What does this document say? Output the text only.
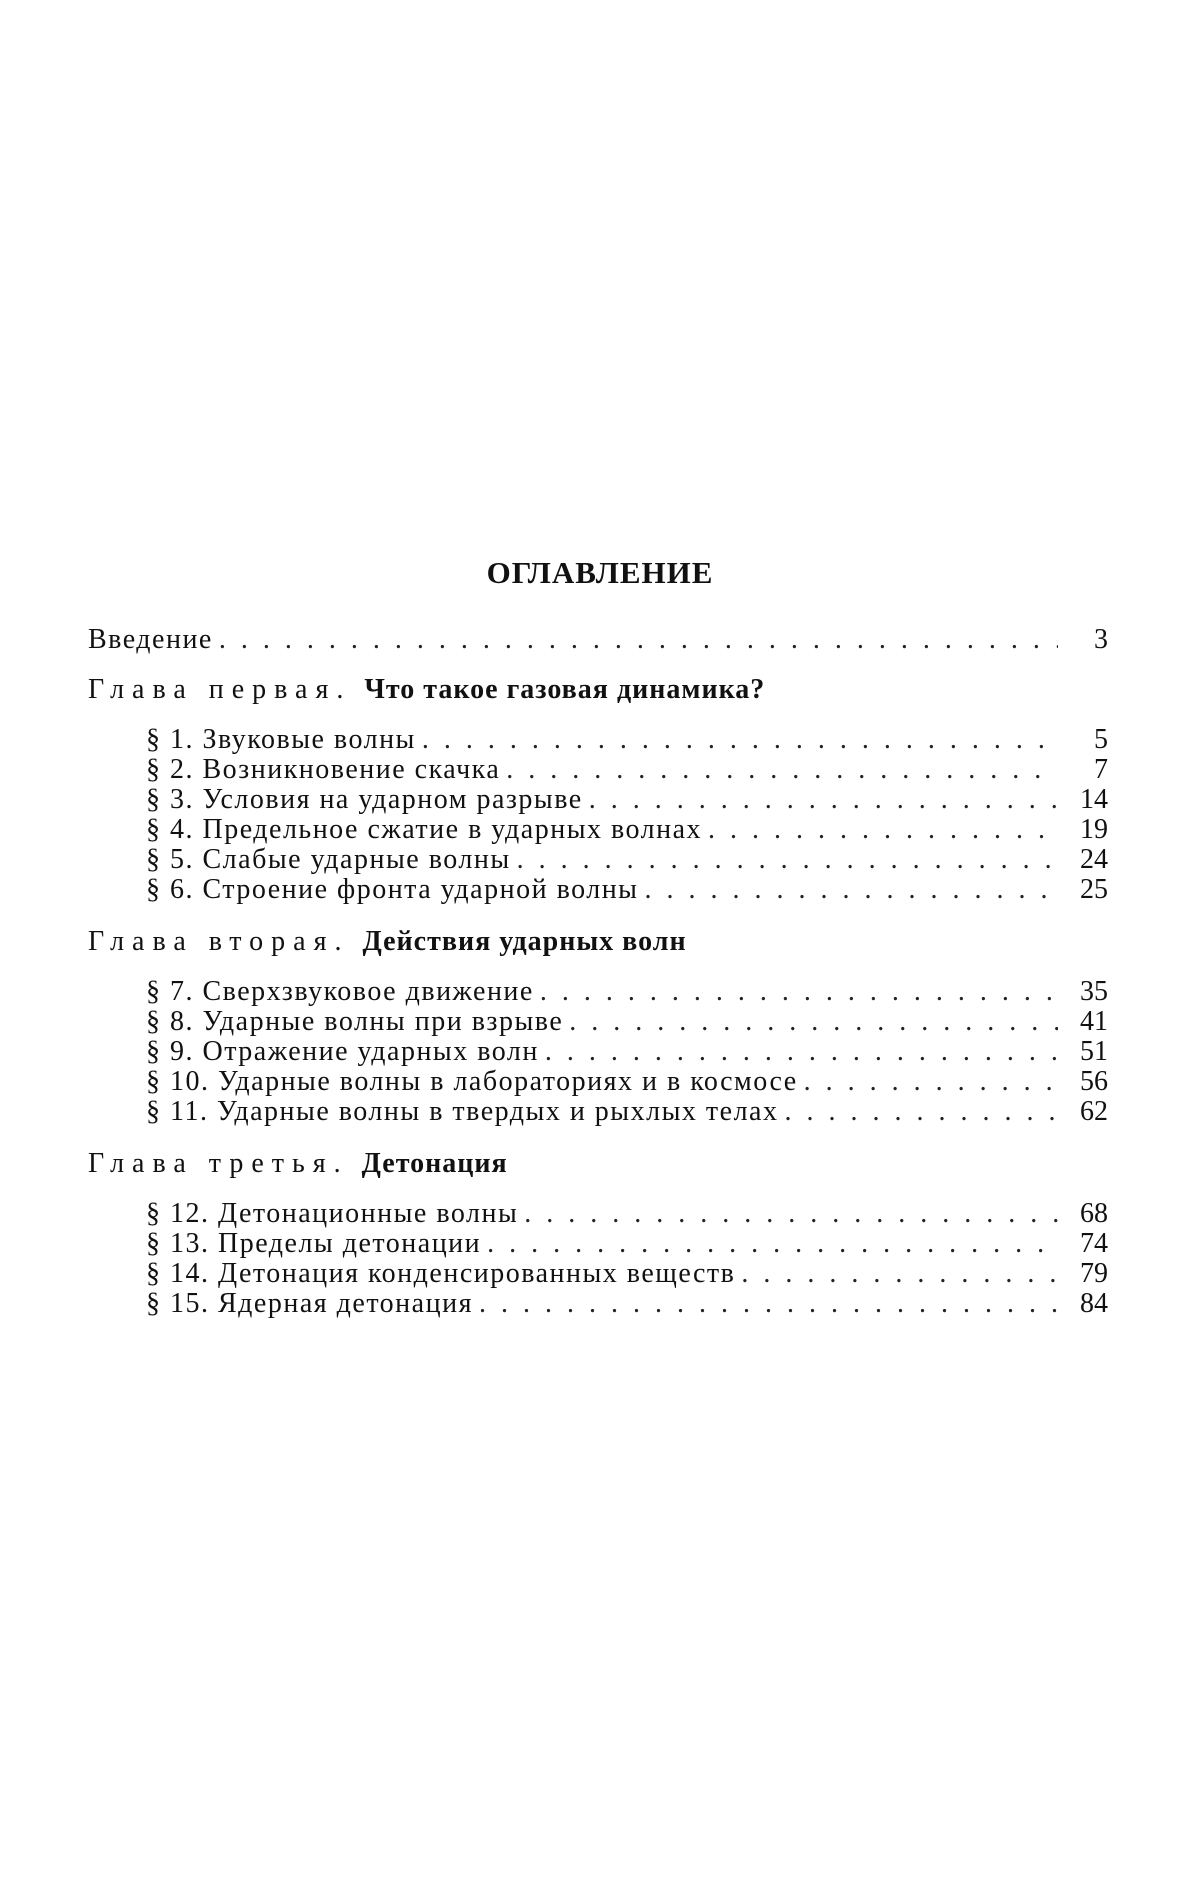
ОГЛАВЛЕНИЕ
Введение . . .	3
Глава первая. Что такое газовая динамика?
§ 1. Звуковые волны . . .	5
§ 2. Возникновение скачка . . .	7
§ 3. Условия на ударном разрыве . . .	14
§ 4. Предельное сжатие в ударных волнах . . .	19
§ 5. Слабые ударные волны . . .	24
§ 6. Строение фронта ударной волны . . .	25
Глава вторая. Действия ударных волн
§ 7. Сверхзвуковое движение . . .	35
§ 8. Ударные волны при взрыве . . .	41
§ 9. Отражение ударных волн . . .	51
§ 10. Ударные волны в лабораториях и в космосе . . .	56
§ 11. Ударные волны в твердых и рыхлых телах . . .	62
Глава третья. Детонация
§ 12. Детонационные волны . . .	68
§ 13. Пределы детонации . . .	74
§ 14. Детонация конденсированных веществ . . .	79
§ 15. Ядерная детонация . . .	84
